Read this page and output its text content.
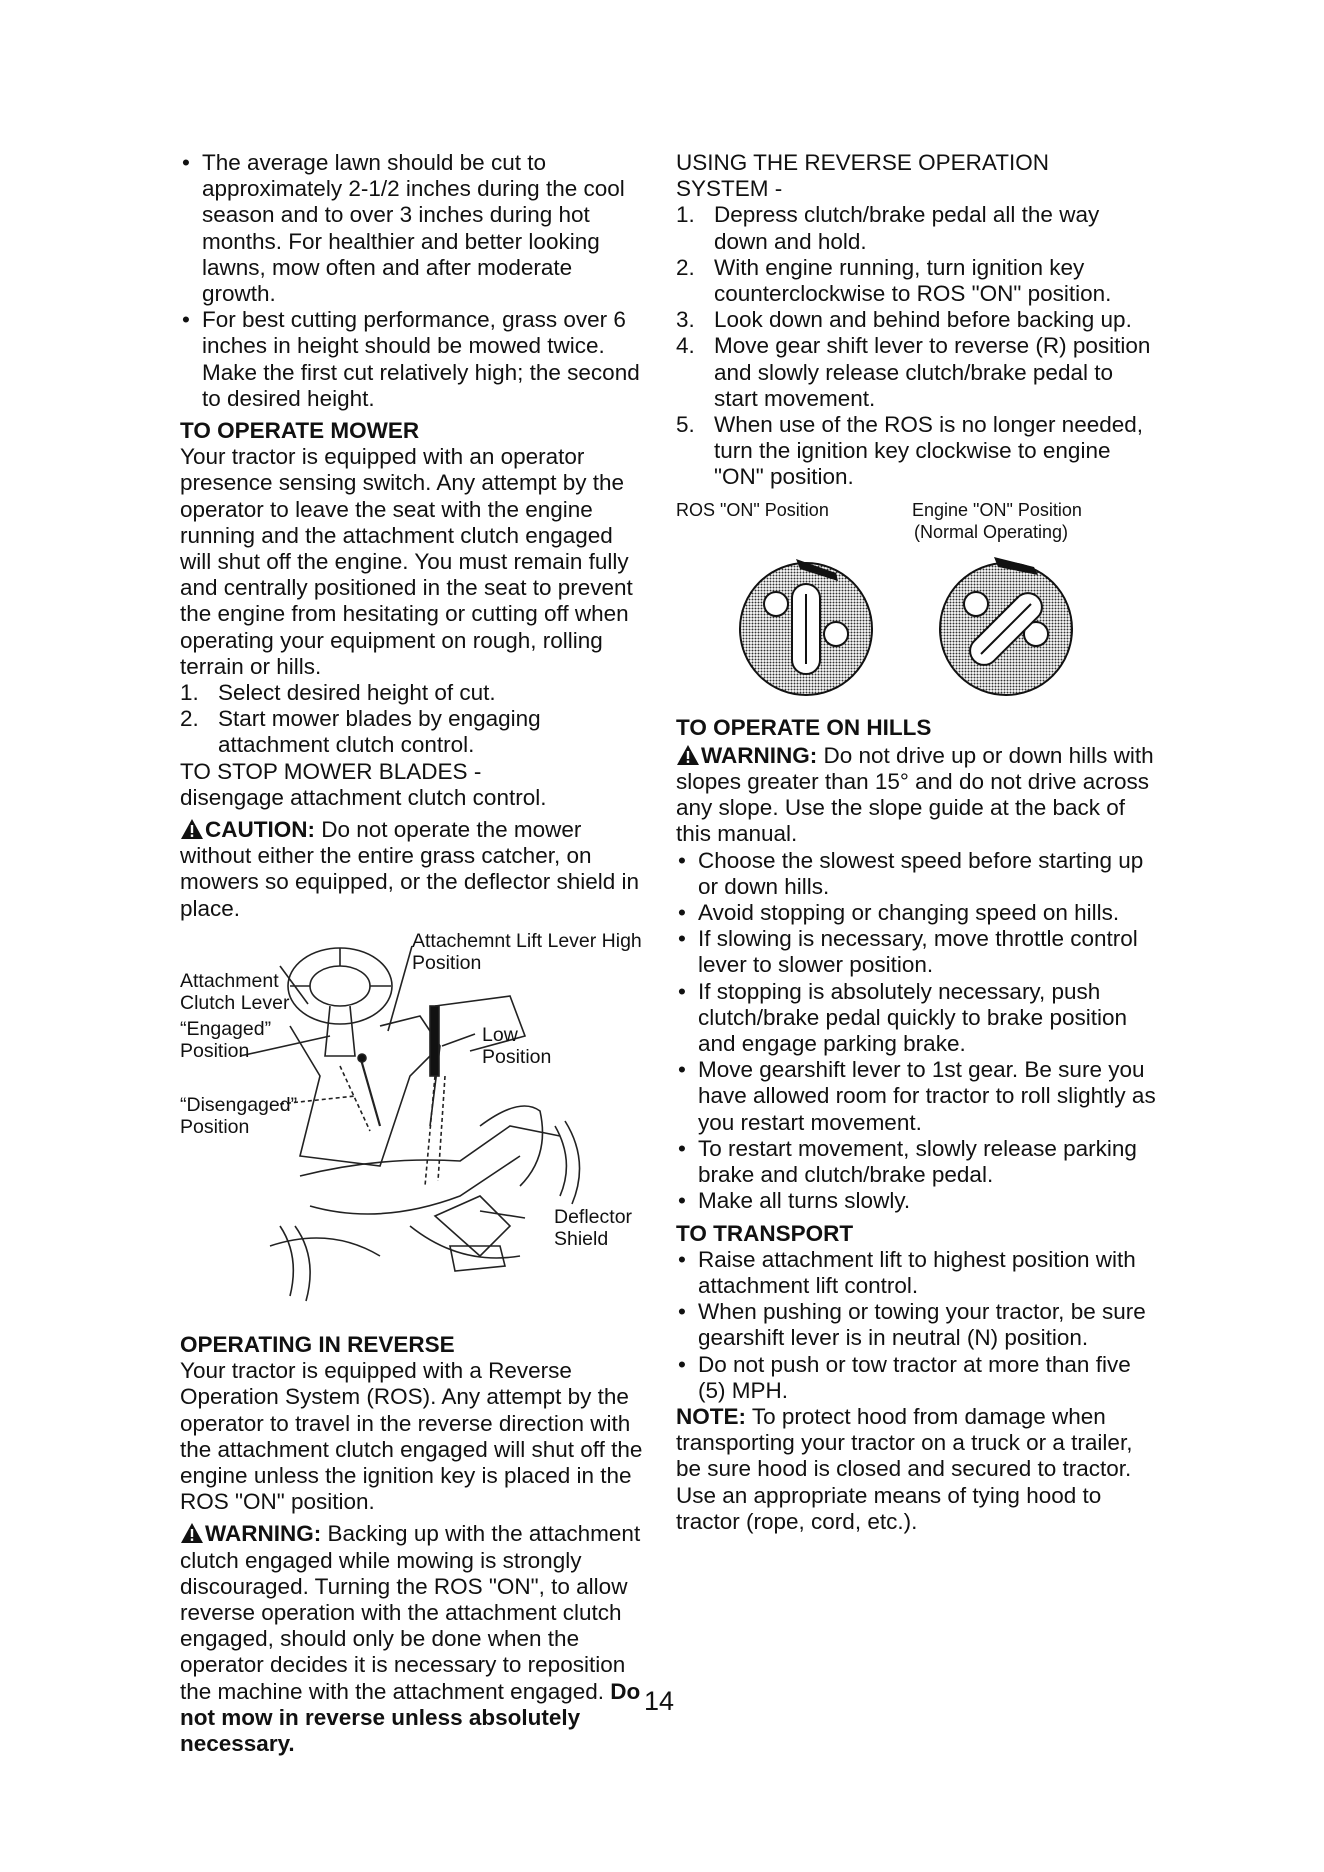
• The average lawn should be cut to approximately 2-1/2 inches during the cool season and to over 3 inches during hot months. For healthier and better looking lawns, mow often and after moderate growth.
• For best cutting performance, grass over 6 inches in height should be mowed twice. Make the first cut relatively high; the second to desired height.
TO OPERATE MOWER

Your tractor is equipped with an operator presence sensing switch. Any attempt by the operator to leave the seat with the engine running and the attachment clutch engaged will shut off the engine. You must remain fully and centrally positioned in the seat to prevent the engine from hesitating or cutting off when operating your equipment on rough, rolling terrain or hills.

1. Select desired height of cut.
2. Start mower blades by engaging attachment clutch control.

TO STOP MOWER BLADES -

disengage attachment clutch control.

CAUTION: Do not operate the mower without either the entire grass catcher, on mowers so equipped, or the deflector shield in place.

Attachemnt Lift Lever High Position
Attachment Clutch Lever
“Engaged” Position
Low Position
“Disengaged” Position
Deflector Shield
OPERATING IN REVERSE

Your tractor is equipped with a Reverse Operation System (ROS). Any attempt by the operator to travel in the reverse direction with the attachment clutch engaged will shut off the engine unless the ignition key is placed in the ROS "ON" position.

WARNING: Backing up with the attachment clutch engaged while mowing is strongly discouraged. Turning the ROS "ON", to allow reverse operation with the attachment clutch engaged, should only be done when the operator decides it is necessary to reposition the machine with the attachment engaged. Do not mow in reverse unless absolutely necessary.

USING THE REVERSE OPERATION

SYSTEM -

1. Depress clutch/brake pedal all the way down and hold.
2. With engine running, turn ignition key counterclockwise to ROS "ON" position.
3. Look down and behind before backing up.
4. Move gear shift lever to reverse (R) position and slowly release clutch/brake pedal to start movement.
5. When use of the ROS is no longer needed, turn the ignition key clockwise to engine "ON" position.
ROS "ON" Position	Engine "ON" Position
(Normal Operating)
TO OPERATE ON HILLS

WARNING: Do not drive up or down hills with slopes greater than 15° and do not drive across any slope. Use the slope guide at the back of this manual.

• Choose the slowest speed before starting up or down hills.
• Avoid stopping or changing speed on hills.
• If slowing is necessary, move throttle control lever to slower position.
• If stopping is absolutely necessary, push clutch/brake pedal quickly to brake position and engage parking brake.
• Move gearshift lever to 1st gear. Be sure you have allowed room for tractor to roll slightly as you restart movement.
• To restart movement, slowly release parking brake and clutch/brake pedal.
• Make all turns slowly.
TO TRANSPORT
• Raise attachment lift to highest position with attachment lift control.
• When pushing or towing your tractor, be sure gearshift lever is in neutral (N) position.
• Do not push or tow tractor at more than five (5) MPH.

NOTE: To protect hood from damage when transporting your tractor on a truck or a trailer, be sure hood is closed and secured to tractor. Use an appropriate means of tying hood to tractor (rope, cord, etc.).

14
